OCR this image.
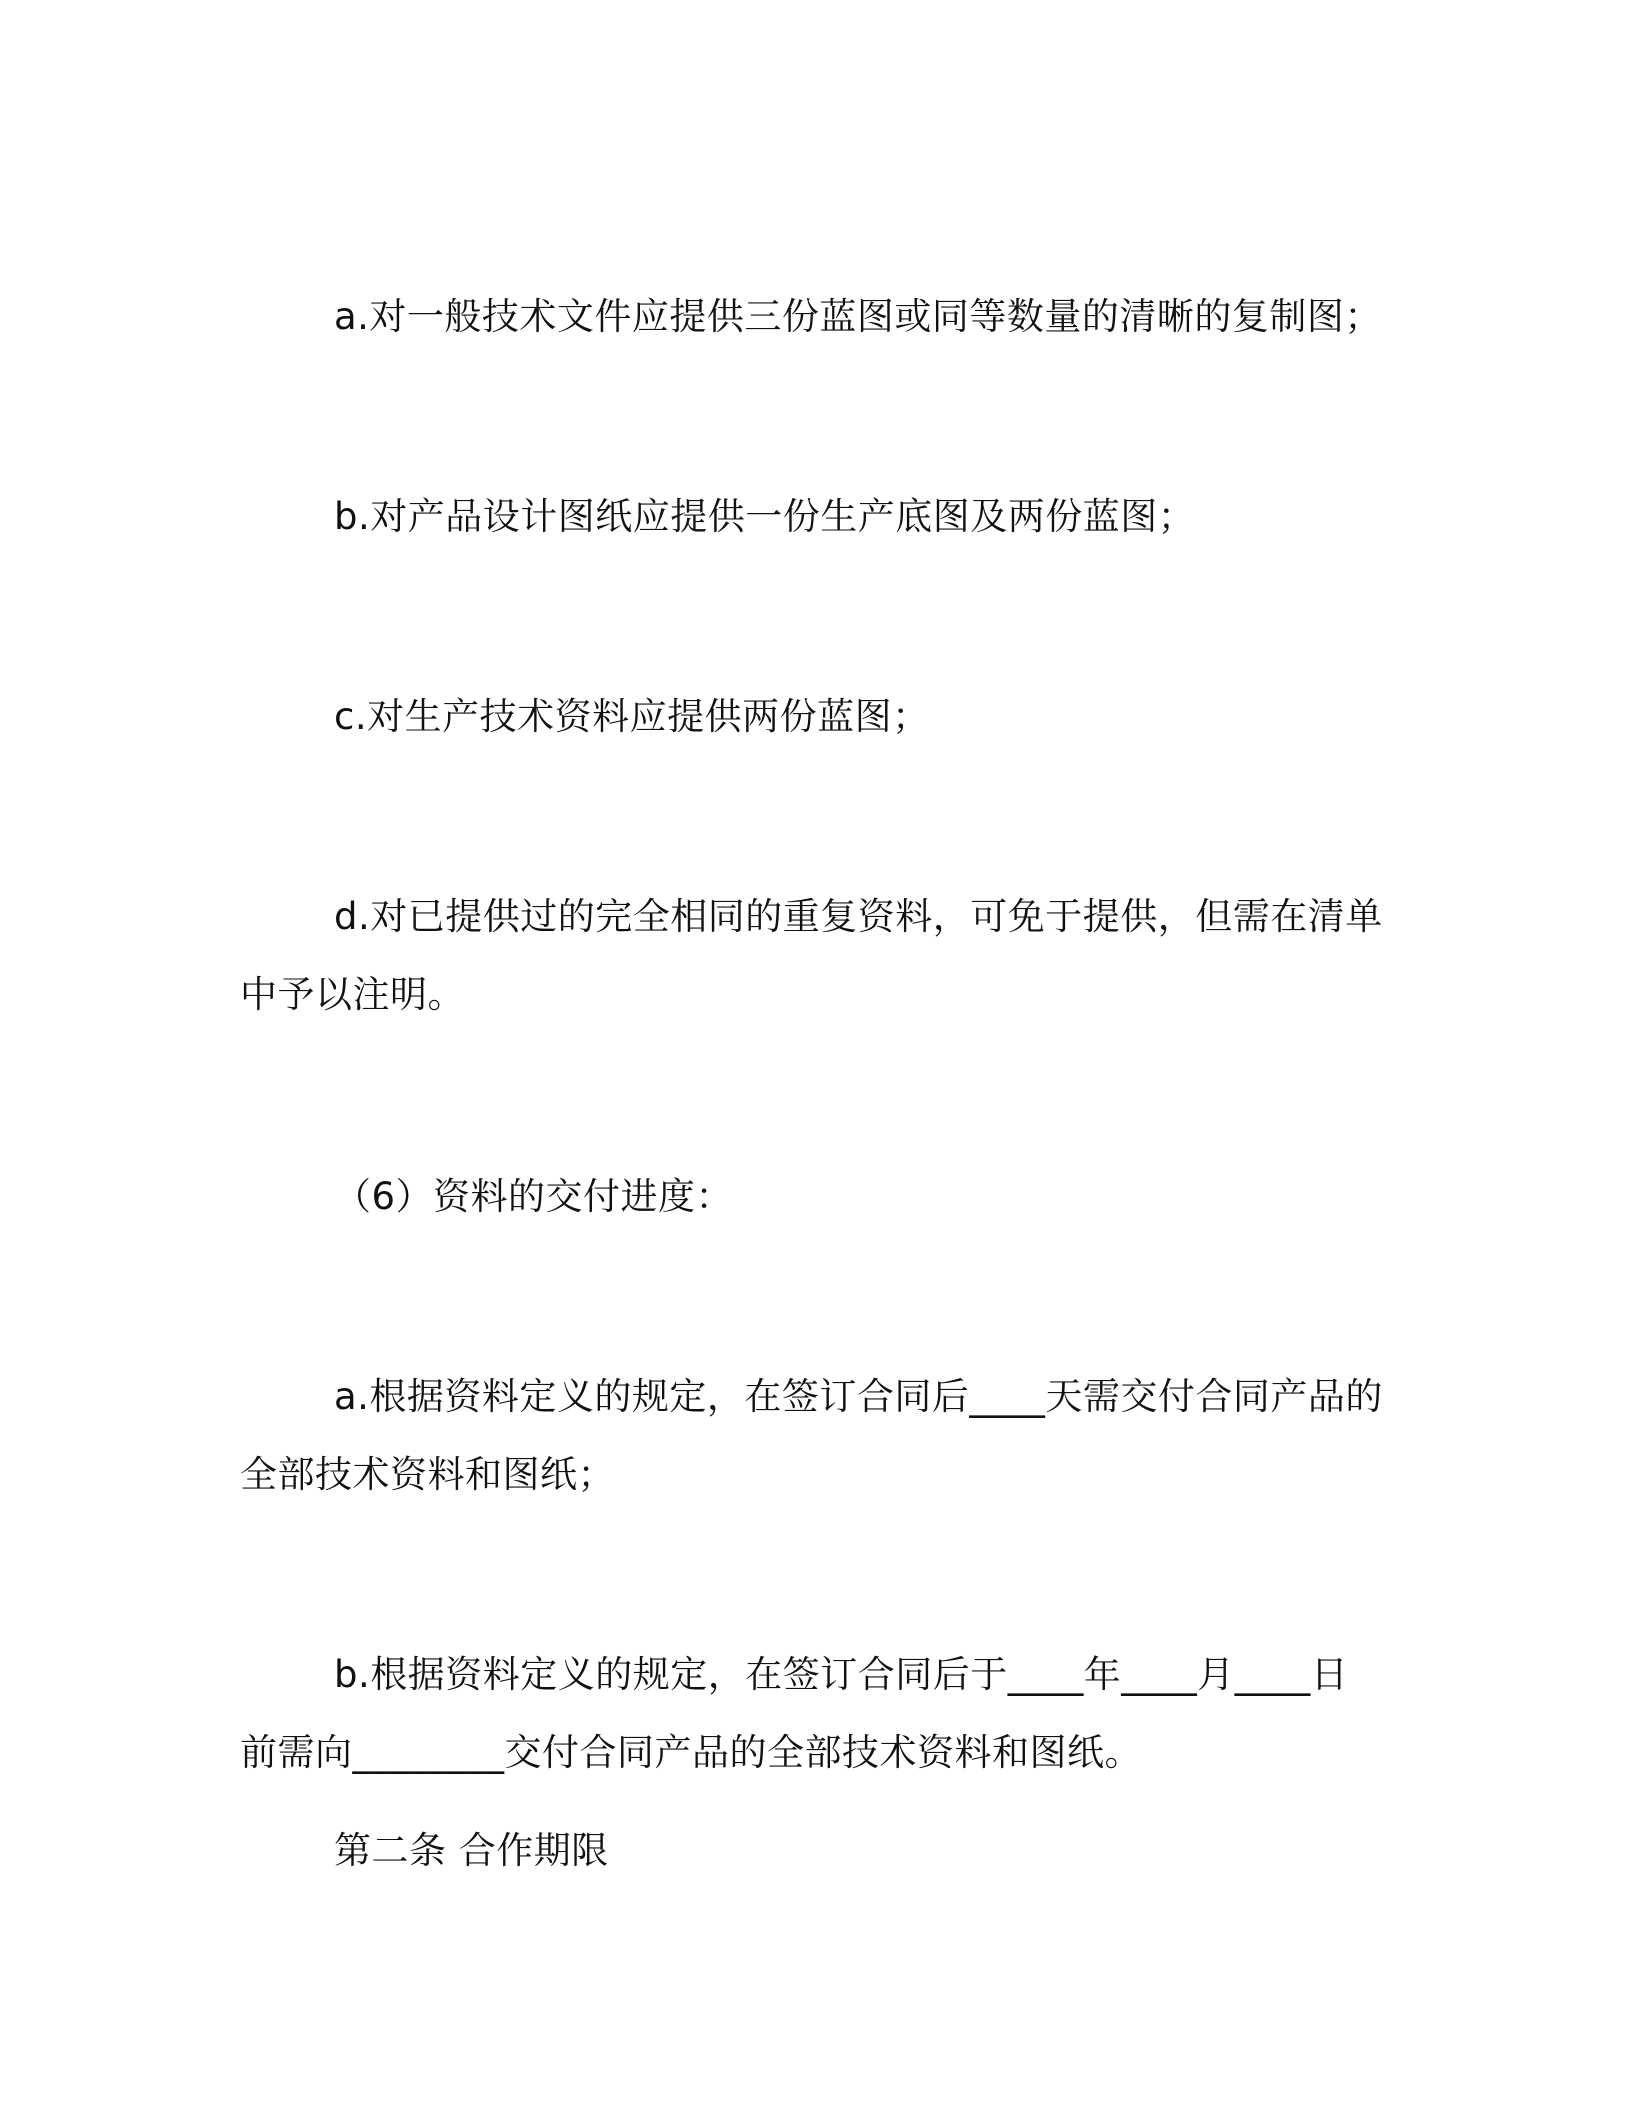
a.对一般技术文件应提供三份蓝图或同等数量的清晰的复制图；
b.对产品设计图纸应提供一份生产底图及两份蓝图；
c.对生产技术资料应提供两份蓝图；
d.对已提供过的完全相同的重复资料，可免于提供，但需在清单
中予以注明。
（6）资料的交付进度：
a.根据资料定义的规定，在签订合同后____天需交付合同产品的
全部技术资料和图纸；
b.根据资料定义的规定，在签订合同后于____年____月____日
前需向________交付合同产品的全部技术资料和图纸。
第二条 合作期限
